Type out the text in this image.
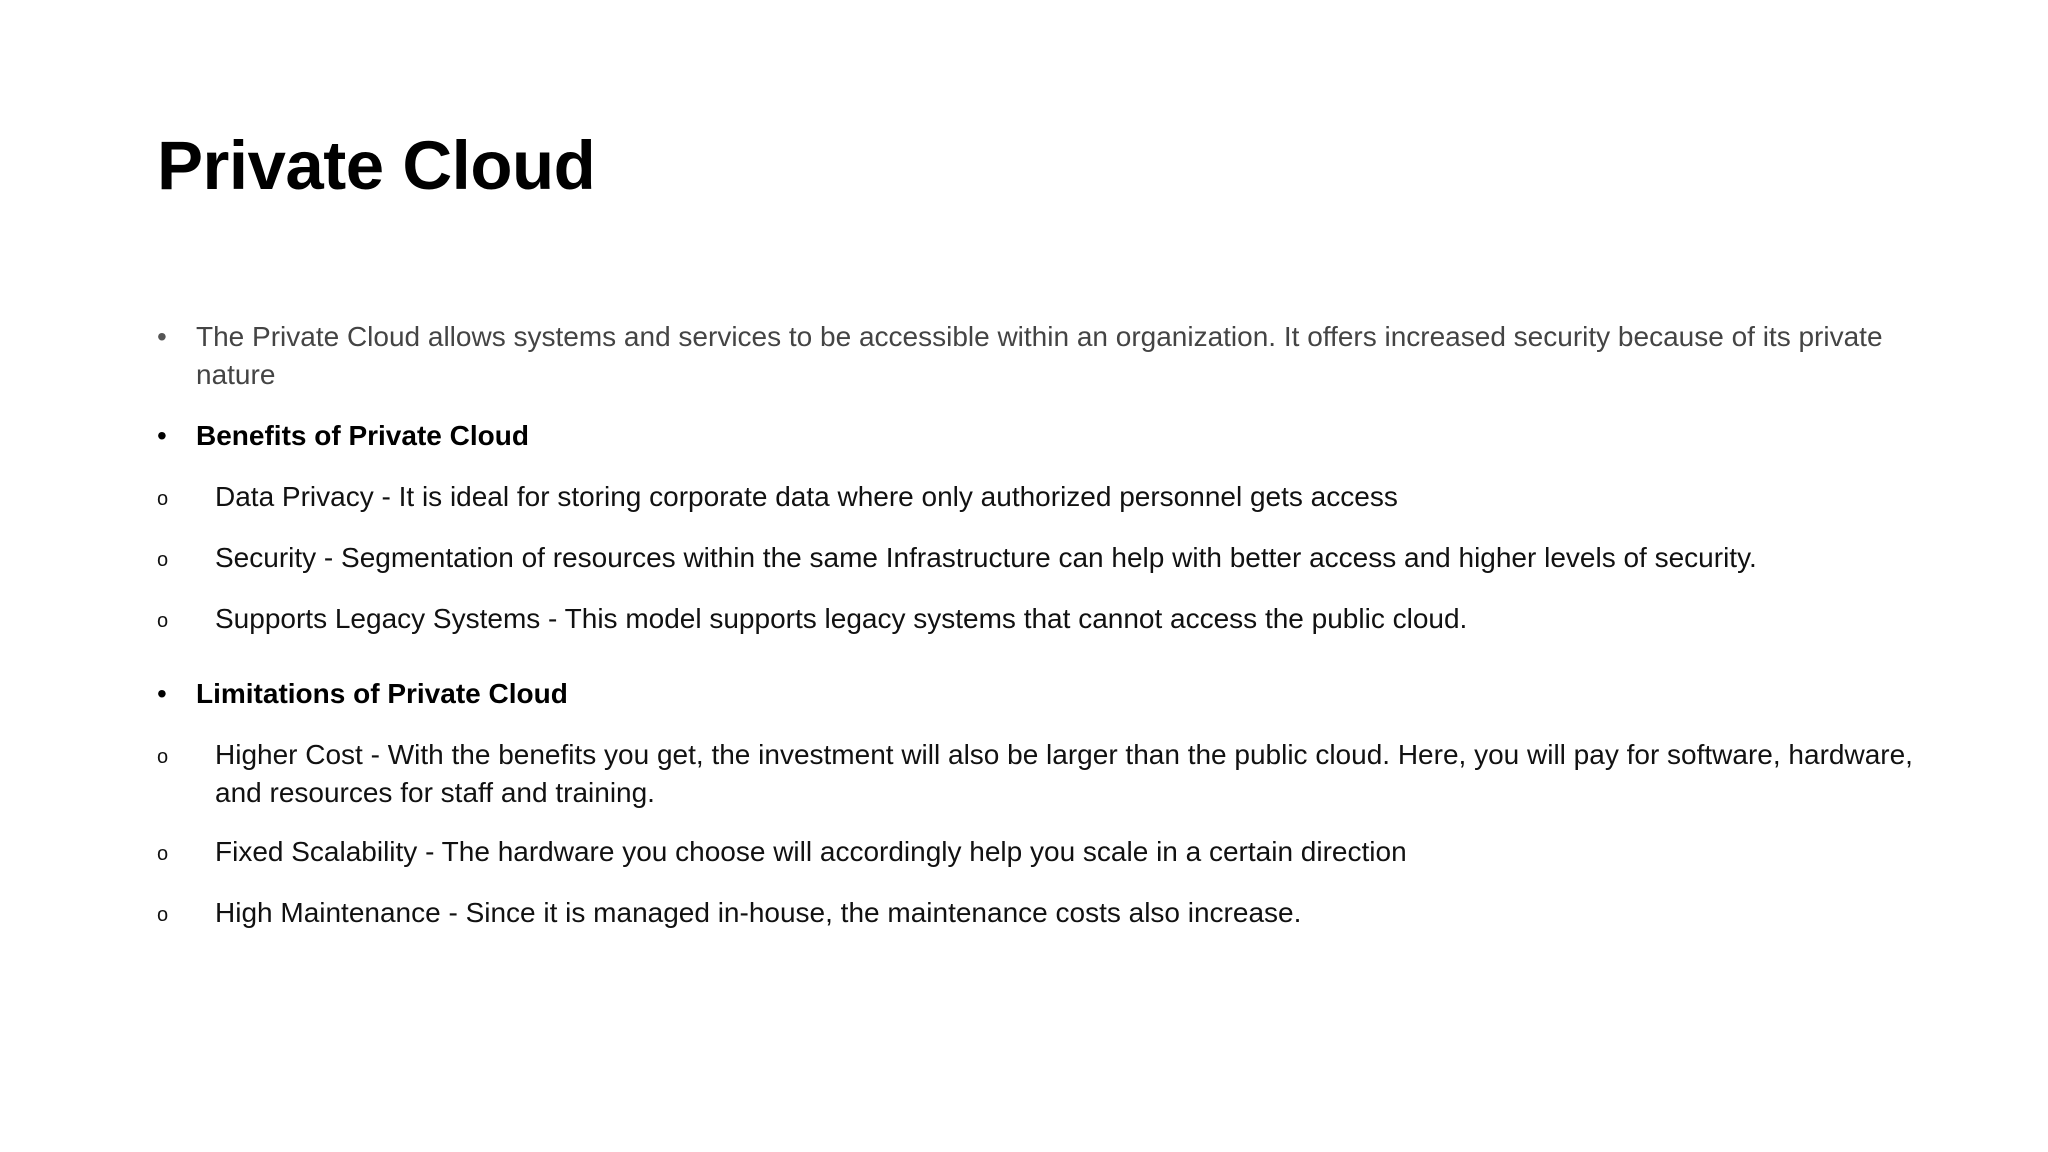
Private Cloud
• The Private Cloud allows systems and services to be accessible within an organization. It offers increased security because of its private nature
• Benefits of Private Cloud
o Data Privacy - It is ideal for storing corporate data where only authorized personnel gets access
o Security - Segmentation of resources within the same Infrastructure can help with better access and higher levels of security.
o Supports Legacy Systems - This model supports legacy systems that cannot access the public cloud.
• Limitations of Private Cloud
o Higher Cost - With the benefits you get, the investment will also be larger than the public cloud. Here, you will pay for software, hardware, and resources for staff and training.
o Fixed Scalability - The hardware you choose will accordingly help you scale in a certain direction
o High Maintenance - Since it is managed in-house, the maintenance costs also increase.
